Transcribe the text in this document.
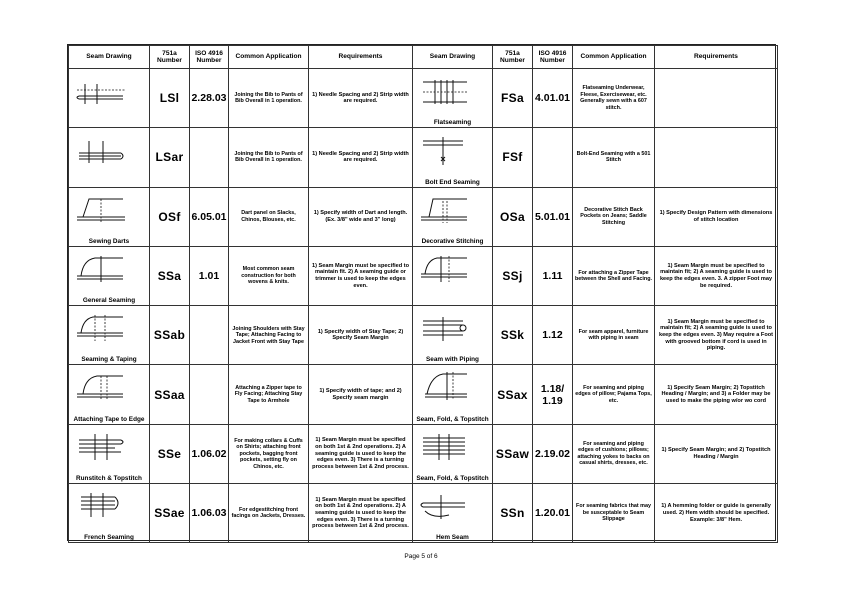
Seam Drawing	751a Number	ISO 4916 Number	Common Application	Requirements	Seam Drawing	751a Number	ISO 4916 Number	Common Application	Requirements

	LSl	2.28.03	Joining the Bib to Pants of Bib Overall in 1 operation.	1) Needle Spacing and 2) Strip width are required.	Flatseaming	FSa	4.01.01	Flatseaming Underwear, Fleese, Exercisewear, etc. Generally sewn with a 607 stitch.	

	LSar		Joining the Bib to Pants of Bib Overall in 1 operation.	1) Needle Spacing and 2) Strip width are required.	Bolt End Seaming	FSf		Bolt-End Seaming with a 501 Stitch	

Sewing Darts	OSf	6.05.01	Dart panel on Slacks, Chinos, Blouses, etc.	1) Specify width of Dart and length. (Ex. 3/8" wide and 3" long)	Decorative Stitching	OSa	5.01.01	Decorative Stitch Back Pockets on Jeans; Saddle Stitching	1) Specify Design Pattern with dimensions of stitch location

General Seaming	SSa	1.01	Most common seam construction for both wovens & knits.	1) Seam Margin must be specified to maintain fit. 2) A seaming guide or trimmer is used to keep the edges even.		SSj	1.11	For attaching a Zipper Tape between the Shell and Facing.	1) Seam Margin must be specified to maintain fit; 2) A seaming guide is used to keep the edges even. 3. A zipper Foot may be required.

Seaming & Taping	SSab		Joining Shoulders with Stay Tape; Attaching Facing to Jacket Front with Stay Tape	1) Specify width of Stay Tape; 2) Specify Seam Margin	Seam with Piping	SSk	1.12	For seam apparel, furniture with piping in seam	1) Seam Margin must be specified to maintain fit; 2) A seaming guide is used to keep the edges even. 3) May require a Foot with grooved bottom if cord is used in piping.

Attaching Tape to Edge	SSaa		Attaching a Zipper tape to Fly Facing; Attaching Stay Tape to Armhole	1) Specify width of tape; and 2) Specify seam margin	Seam, Fold, & Topstitch	SSax	1.18/ 1.19	For seaming and piping edges of pillow; Pajama Tops, etc.	1) Specify Seam Margin; 2) Topstitch Heading / Margin; and 3) a Folder may be used to make the piping w/or wo cord

Runstitch & Topstitch	SSe	1.06.02	For making collars & Cuffs on Shirts; attaching front pockets, bagging front pockets, setting fly on Chinos, etc.	1) Seam Margin must be specified on both 1st & 2nd operations. 2) A seaming guide is used to keep the edges even. 3) There is a turning process between 1st & 2nd process.	Seam, Fold, & Topstitch	SSaw	2.19.02	For seaming and piping edges of cushions; pillows; attaching yokes to backs on casual shirts, dresses, etc.	1) Specify Seam Margin; and 2) Topstitch Heading / Margin

French Seaming	SSae	1.06.03	For edgestitching front facings on Jackets, Dresses.	1) Seam Margin must be specified on both 1st & 2nd operations. 2) A seaming guide is used to keep the edges even. 3) There is a turning process between 1st & 2nd process.	Hem Seam	SSn	1.20.01	For seaming fabrics that may be susceptable to Seam Slippage	1) A hemming folder or guide is generally used. 2) Hem width should be specified. Example: 3/8" Hem.
Page 5 of 6
